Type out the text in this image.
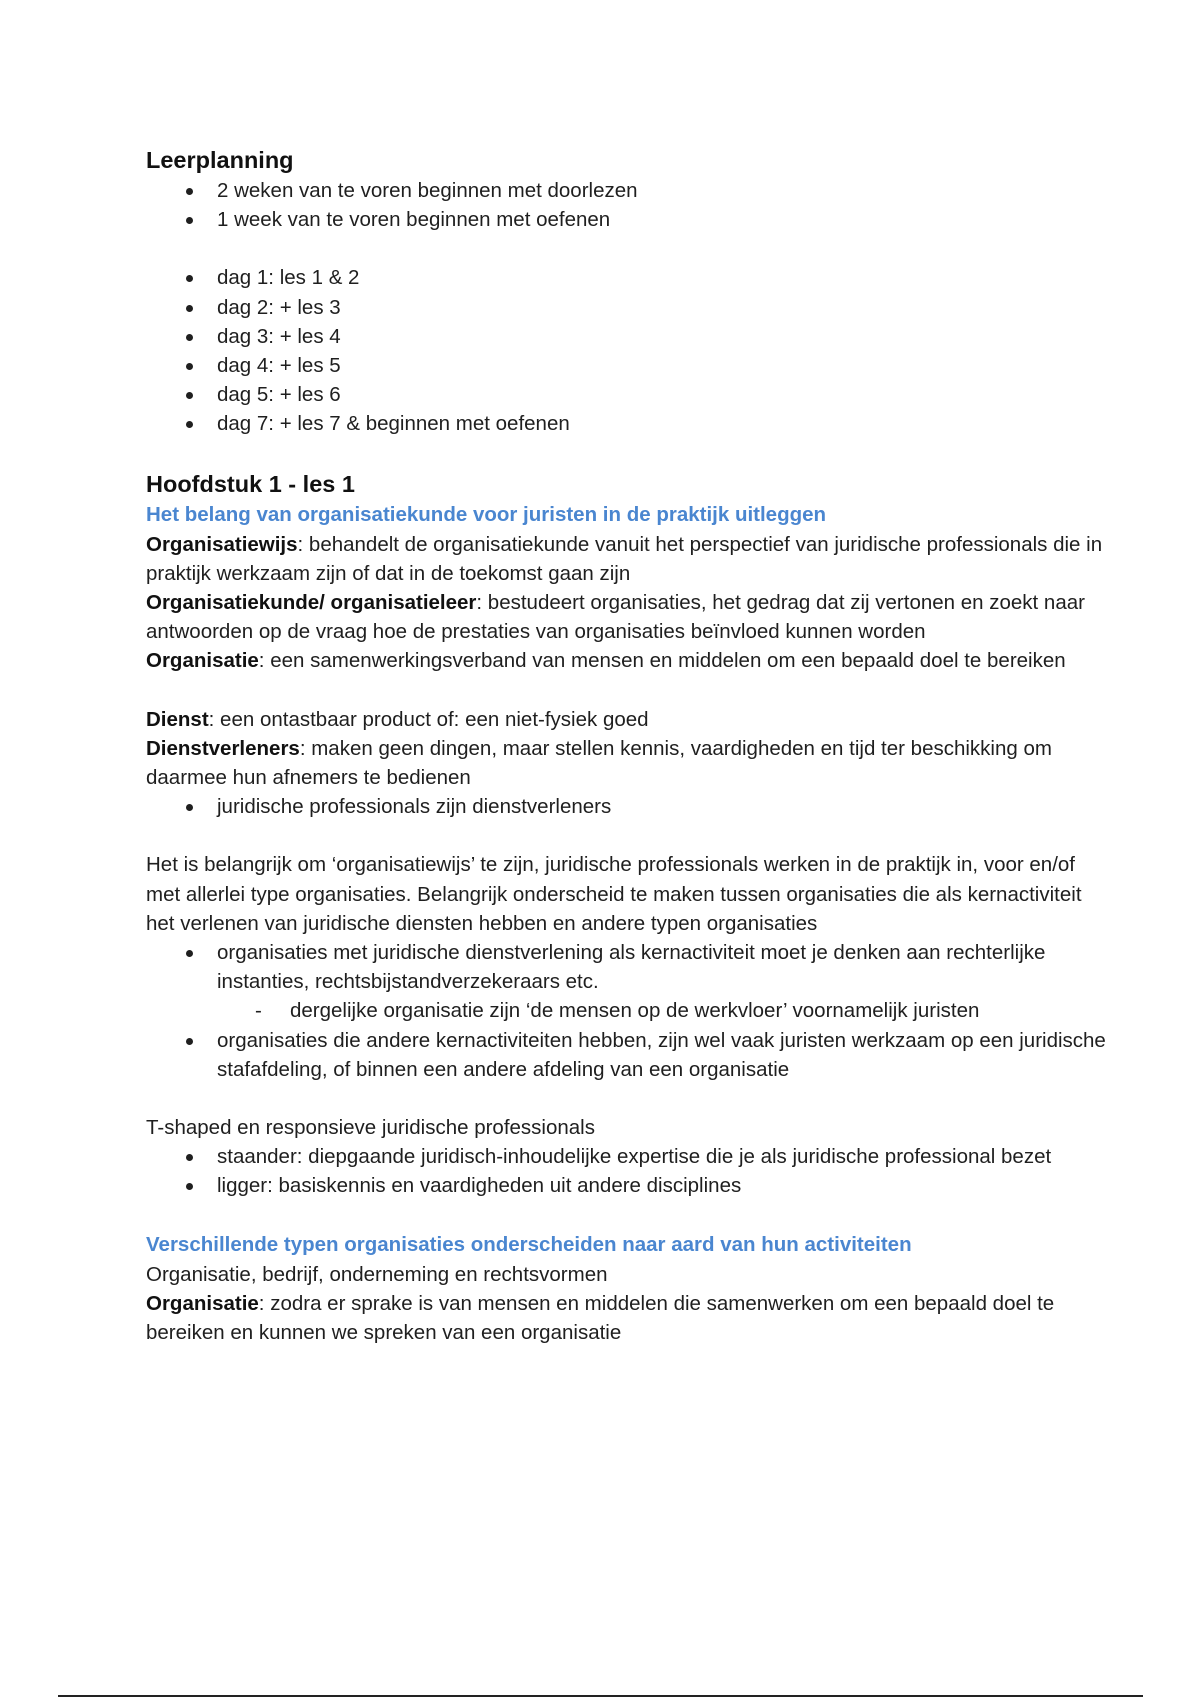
Leerplanning
2 weken van te voren beginnen met doorlezen
1 week van te voren beginnen met oefenen
dag 1: les 1 & 2
dag 2: + les 3
dag 3: + les 4
dag 4: + les 5
dag 5: + les 6
dag 7: + les 7 & beginnen met oefenen
Hoofdstuk 1 - les 1
Het belang van organisatiekunde voor juristen in de praktijk uitleggen

Organisatiewijs: behandelt de organisatiekunde vanuit het perspectief van juridische professionals die in praktijk werkzaam zijn of dat in de toekomst gaan zijn

Organisatiekunde/ organisatieleer: bestudeert organisaties, het gedrag dat zij vertonen en zoekt naar antwoorden op de vraag hoe de prestaties van organisaties beïnvloed kunnen worden

Organisatie: een samenwerkingsverband van mensen en middelen om een bepaald doel te bereiken

Dienst: een ontastbaar product of: een niet-fysiek goed

Dienstverleners: maken geen dingen, maar stellen kennis, vaardigheden en tijd ter beschikking om daarmee hun afnemers te bedienen

juridische professionals zijn dienstverleners

Het is belangrijk om ‘organisatiewijs’ te zijn, juridische professionals werken in de praktijk in, voor en/of met allerlei type organisaties. Belangrijk onderscheid te maken tussen organisaties die als kernactiviteit het verlenen van juridische diensten hebben en andere typen organisaties

organisaties met juridische dienstverlening als kernactiviteit moet je denken aan rechterlijke instanties, rechtsbijstandverzekeraars etc.
- dergelijke organisatie zijn ‘de mensen op de werkvloer’ voornamelijk juristen
organisaties die andere kernactiviteiten hebben, zijn wel vaak juristen werkzaam op een juridische stafafdeling, of binnen een andere afdeling van een organisatie

T-shaped en responsieve juridische professionals

staander: diepgaande juridisch-inhoudelijke expertise die je als juridische professional bezet
ligger: basiskennis en vaardigheden uit andere disciplines
Verschillende typen organisaties onderscheiden naar aard van hun activiteiten

Organisatie, bedrijf, onderneming en rechtsvormen

Organisatie: zodra er sprake is van mensen en middelen die samenwerken om een bepaald doel te bereiken en kunnen we spreken van een organisatie
